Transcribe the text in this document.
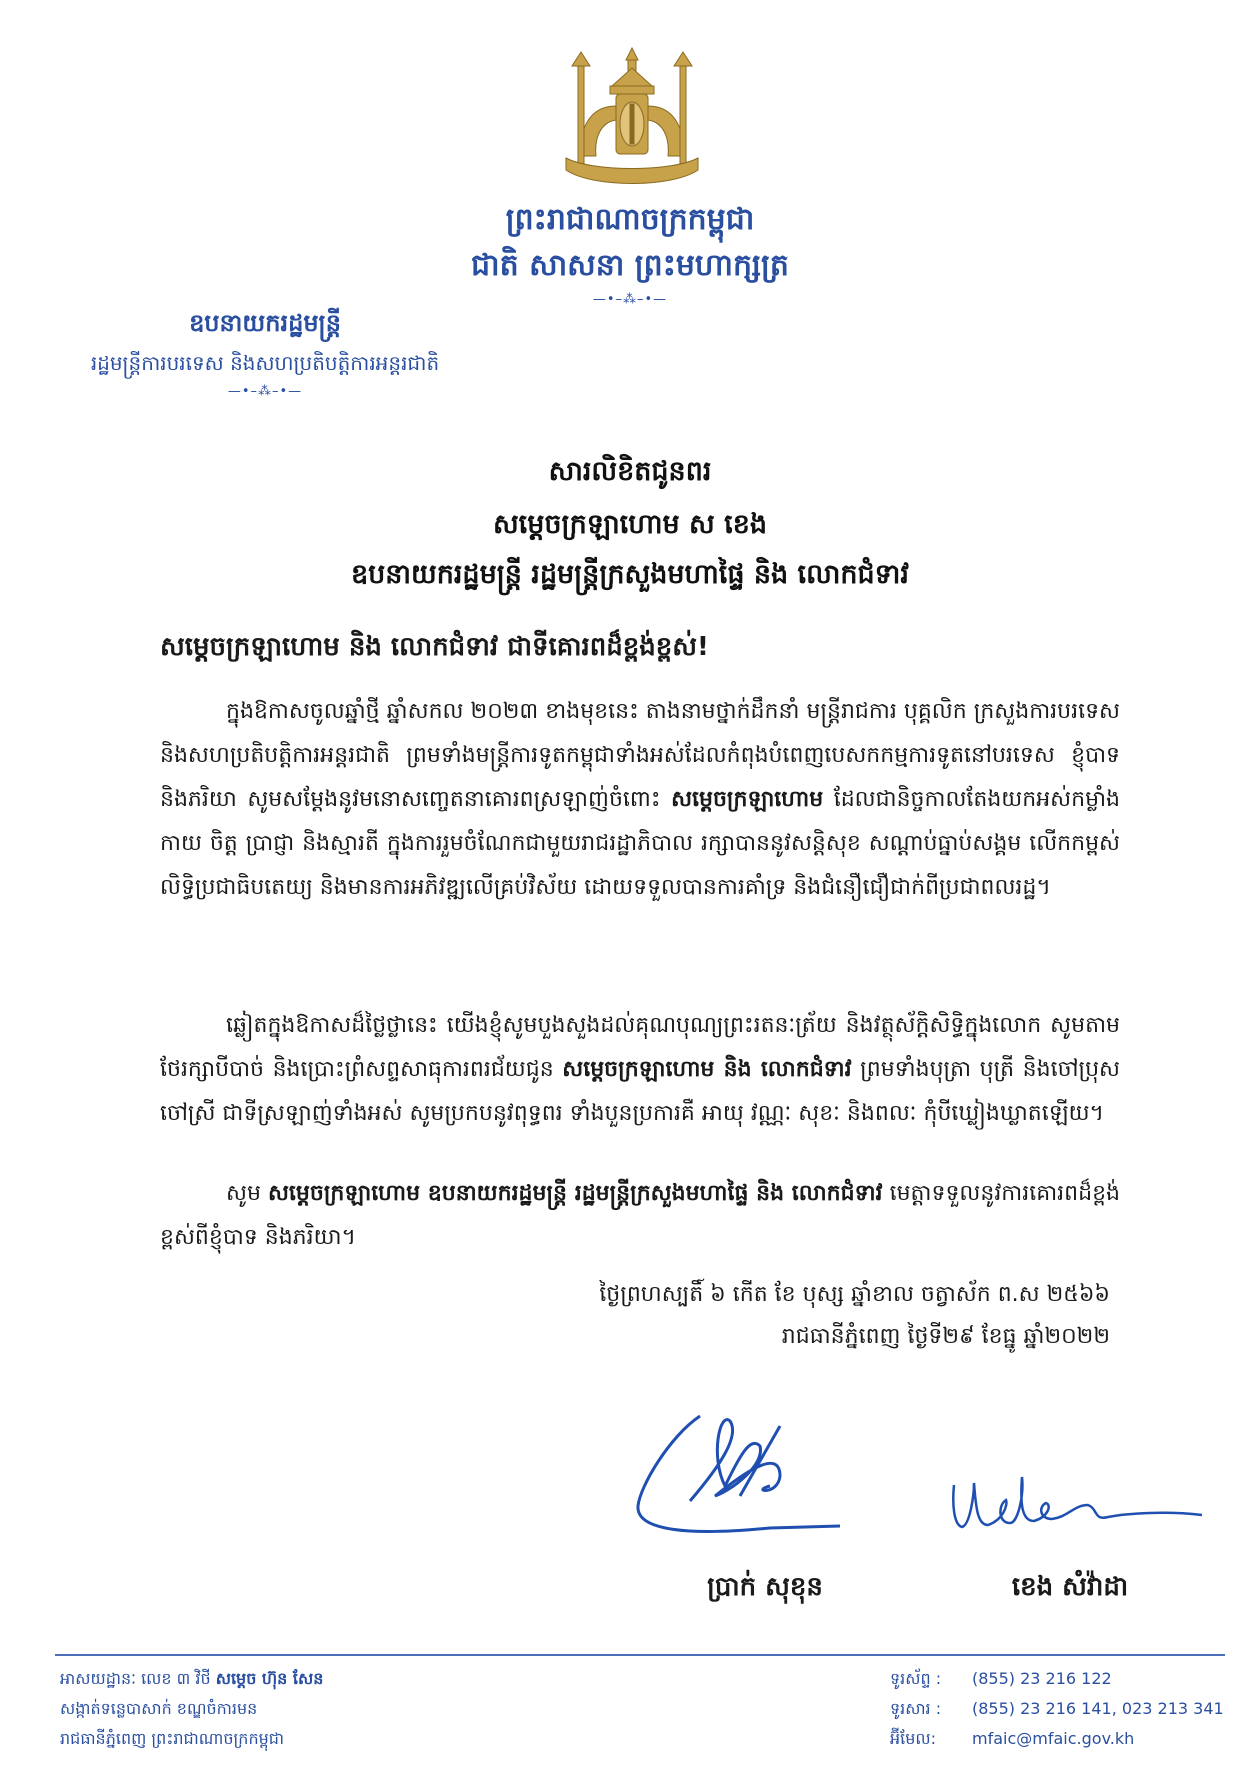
ព្រះរាជាណាចក្រកម្ពុជា
ជាតិ សាសនា ព្រះមហាក្សត្រ
—•–⁂–•—
ឧបនាយករដ្ឋមន្ត្រី
រដ្ឋមន្ត្រីការបរទេស និងសហប្រតិបត្តិការអន្តរជាតិ
—•–⁂–•—
សារលិខិតជូនពរ
សម្តេចក្រឡាហោម ស ខេង
ឧបនាយករដ្ឋមន្ត្រី រដ្ឋមន្ត្រីក្រសួងមហាផ្ទៃ និង លោកជំទាវ
សម្តេចក្រឡាហោម និង លោកជំទាវ ជាទីគោរពដ៏ខ្ពង់ខ្ពស់!
ក្នុងឱកាសចូលឆ្នាំថ្មី ឆ្នាំសកល ២០២៣ ខាងមុខនេះ តាងនាមថ្នាក់ដឹកនាំ មន្ត្រីរាជការ បុគ្គលិក ក្រសួងការបរទេស និងសហប្រតិបត្តិការអន្តរជាតិ ព្រមទាំងមន្ត្រីការទូតកម្ពុជាទាំងអស់ដែលកំពុងបំពេញបេសកកម្មការទូតនៅបរទេស ខ្ញុំបាទ និងភរិយា សូមសម្តែងនូវមនោសញ្ចេតនាគោរពស្រឡាញ់ចំពោះ សម្តេចក្រឡាហោម ដែលជានិច្ចកាលតែងយកអស់កម្លាំងកាយ ចិត្ត ប្រាជ្ញា និងស្មារតី ក្នុងការរួមចំណែកជាមួយរាជរដ្ឋាភិបាល រក្សាបាននូវសន្តិសុខ សណ្តាប់ធ្នាប់សង្គម លើកកម្ពស់លិទ្ធិប្រជាធិបតេយ្យ និងមានការអភិវឌ្ឍលើគ្រប់វិស័យ ដោយទទួលបានការគាំទ្រ និងជំនឿជឿជាក់ពីប្រជាពលរដ្ឋ។
ឆ្លៀតក្នុងឱកាសដ៏ថ្លៃថ្លានេះ យើងខ្ញុំសូមបួងសួងដល់គុណបុណ្យព្រះរតនៈត្រ័យ និងវត្ថុស័ក្តិសិទ្ធិក្នុងលោក សូមតាមថែរក្សាបីបាច់ និងប្រោះព្រំសព្ទសាធុការពរជ័យជូន សម្តេចក្រឡាហោម និង លោកជំទាវ ព្រមទាំងបុត្រា បុត្រី និងចៅប្រុស ចៅស្រី ជាទីស្រឡាញ់ទាំងអស់ សូមប្រកបនូវពុទ្ធពរ ទាំងបួនប្រការគឺ អាយុ វណ្ណៈ សុខៈ និងពលៈ កុំបីឃ្លៀងឃ្លាតឡើយ។
សូម សម្តេចក្រឡាហោម ឧបនាយករដ្ឋមន្ត្រី រដ្ឋមន្ត្រីក្រសួងមហាផ្ទៃ និង លោកជំទាវ មេត្តាទទួលនូវការគោរពដ៏ខ្ពង់ខ្ពស់ពីខ្ញុំបាទ និងភរិយា។
ថ្ងៃព្រហស្បតិ៍ ៦ កើត ខែ បុស្ស ឆ្នាំខាល ចត្វាស័ក ព.ស ២៥៦៦
រាជធានីភ្នំពេញ ថ្ងៃទី២៩ ខែធ្នូ ឆ្នាំ២០២២
ប្រាក់ សុខុន	ខេង សំវ៉ាដា
អាសយដ្ឋានៈ លេខ ៣ វិថី សម្តេច ហ៊ុន សែន
សង្កាត់ទន្លេបាសាក់ ខណ្ឌចំការមន
រាជធានីភ្នំពេញ ព្រះរាជាណាចក្រកម្ពុជា
ទូរស័ព្ទ : (855) 23 216 122
ទូរសារ : (855) 23 216 141, 023 213 341
អ៊ីមែល: mfaic@mfaic.gov.kh
